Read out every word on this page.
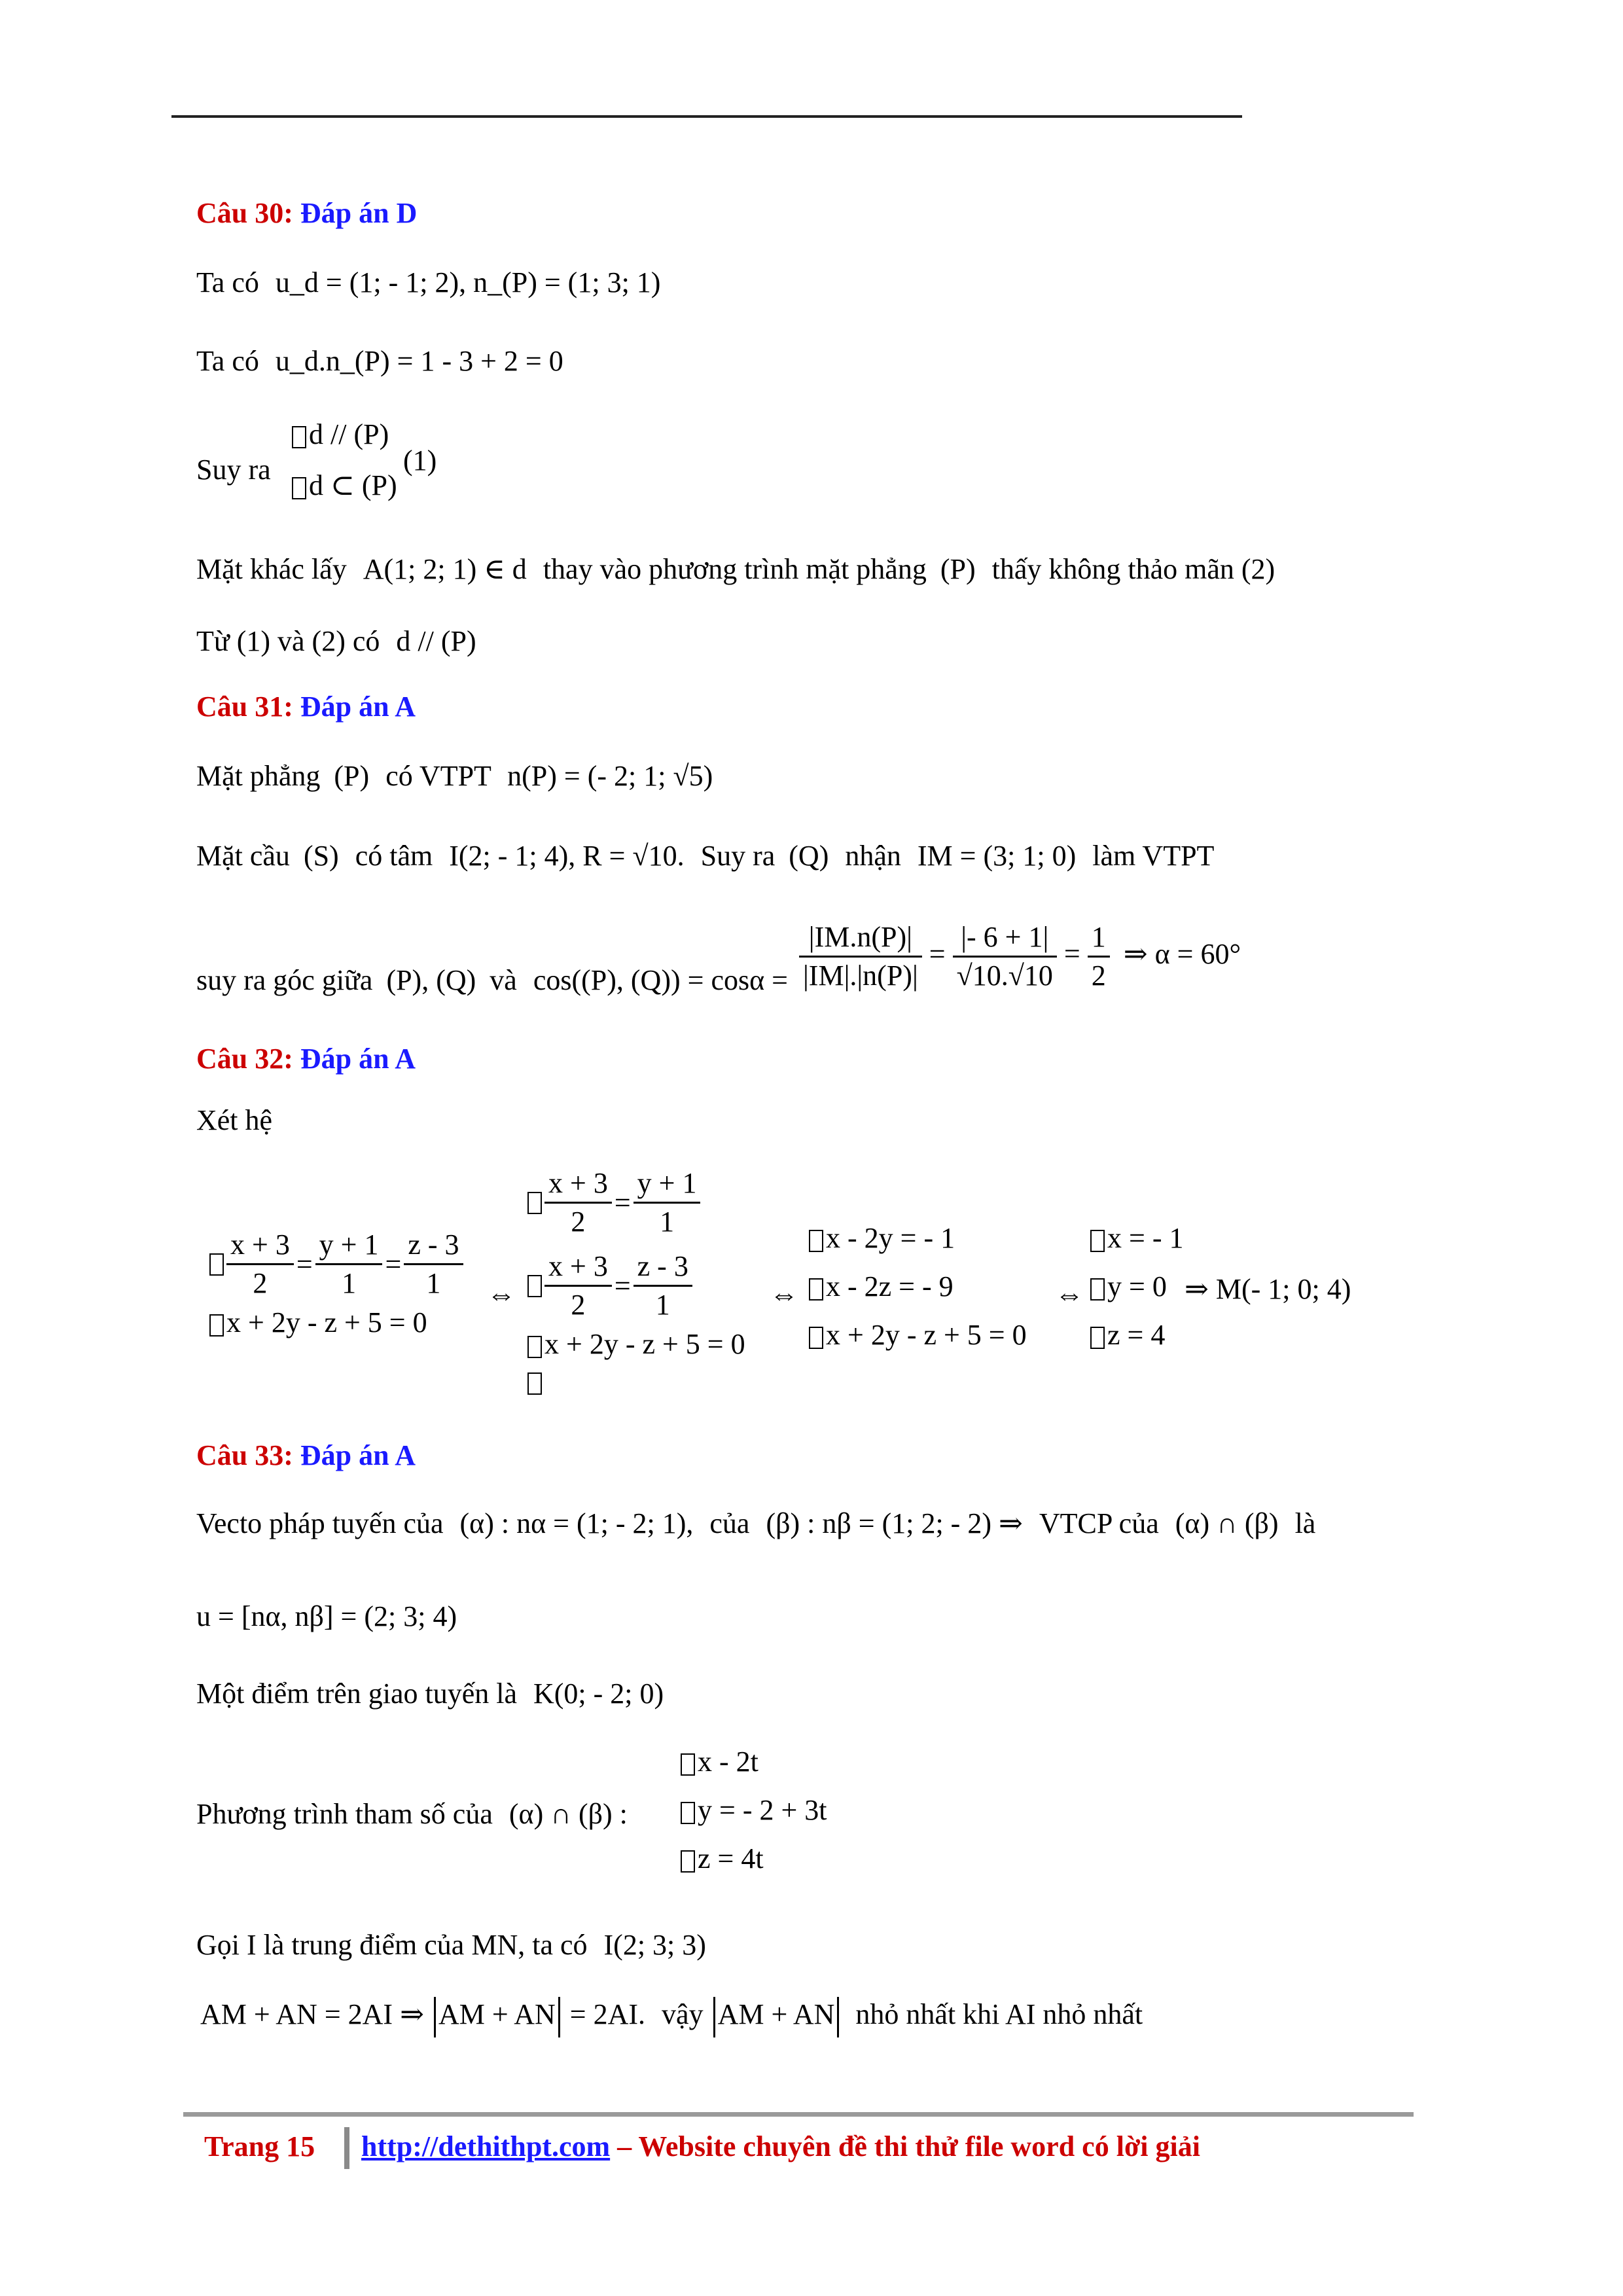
Câu 30: Đáp án D
Ta có u_d = (1; - 1; 2), n_(P) = (1; 3; 1)
Ta có u_d.n_(P) = 1 - 3 + 2 = 0
Suy ra
d // (P)
d ⊂ (P)
(1)
Mặt khác lấy A(1; 2; 1) ∈ d thay vào phương trình mặt phẳng (P) thấy không thảo mãn (2)
Từ (1) và (2) có d // (P)
Câu 31: Đáp án A
Mặt phẳng (P) có VTPT n(P) = (- 2; 1; √5)
Mặt cầu (S) có tâm I(2; - 1; 4), R = √10. Suy ra (Q) nhận IM = (3; 1; 0) làm VTPT
suy ra góc giữa (P), (Q) và cos((P), $(Q)) = \cos\alpha = \frac{|IM.n(P)|}{|IM|.|n(P)|} = \frac{|- 6 + 1|}{√10.√10} = \frac{1}{2}$ ⇒ α = 60°
Câu 32: Đáp án A
Xét hệ
$\frac{x + 3}{2} = \frac{y + 1}{1} = \frac{z - 3}{1}$
x + 2y - z + 5 = 0
⇔
$\frac{x + 3}{2} = \frac{y + 1}{1}$
$\frac{x + 3}{2} = \frac{z - 3}{1}$
x + 2y - z + 5 = 0
⇔
x - 2y = - 1
x - 2z = - 9
x + 2y - z + 5 = 0
⇔
x = - 1
y = 0
z = 4
⇒ M(- 1; 0; 4)
Câu 33: Đáp án A
Vecto pháp tuyến của (α) : nα = (1; - 2; 1), của (β) : nβ = (1; 2; - 2) ⇒ VTCP của (α) ∩ (β) là
u = [nα, nβ] = (2; 3; 4)
Một điểm trên giao tuyến là K(0; - 2; 0)
Phương trình tham số của (α) ∩ (β) :
x - 2t
y = - 2 + 3t
z = 4t
Gọi I là trung điểm của MN, ta có I(2; 3; 3)
AM + AN = 2AI ⇒ AM + AN = 2AI. vậy AM + AN nhỏ nhất khi AI nhỏ nhất
Trang 15 http://dethithpt.com – Website chuyên đề thi thử file word có lời giải
